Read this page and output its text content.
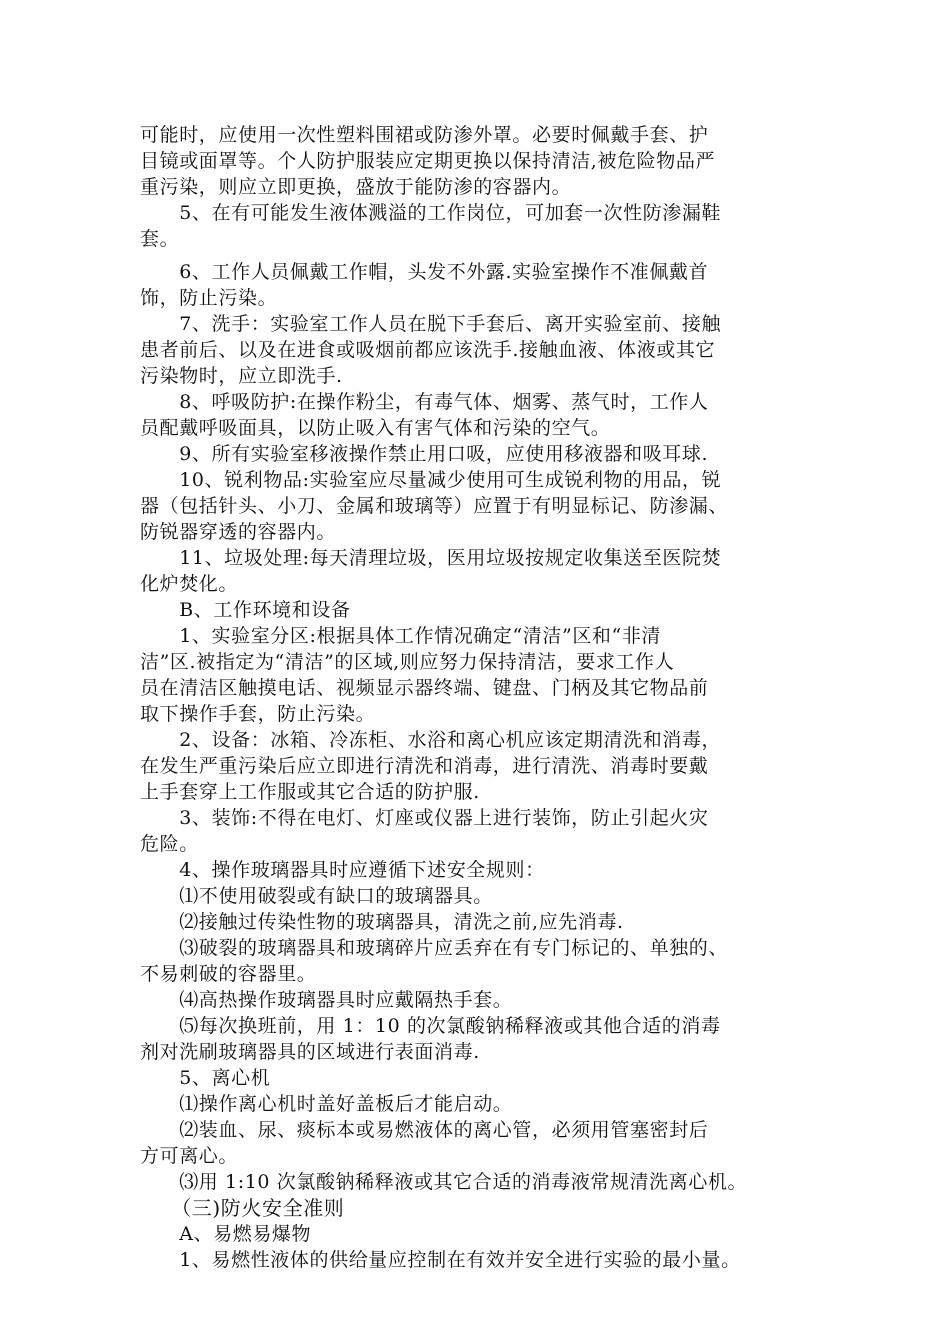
可能时，应使用一次性塑料围裙或防渗外罩。必要时佩戴手套、护
目镜或面罩等。个人防护服装应定期更换以保持清洁,被危险物品严
重污染，则应立即更换，盛放于能防渗的容器内。
　　5、在有可能发生液体溅溢的工作岗位，可加套一次性防渗漏鞋
套。
　　6、工作人员佩戴工作帽，头发不外露.实验室操作不准佩戴首
饰，防止污染。
　　7、洗手：实验室工作人员在脱下手套后、离开实验室前、接触
患者前后、以及在进食或吸烟前都应该洗手.接触血液、体液或其它
污染物时，应立即洗手.
　　8、呼吸防护:在操作粉尘，有毒气体、烟雾、蒸气时，工作人
员配戴呼吸面具，以防止吸入有害气体和污染的空气。
　　9、所有实验室移液操作禁止用口吸，应使用移液器和吸耳球.
　　10、锐利物品:实验室应尽量减少使用可生成锐利物的用品，锐
器（包括针头、小刀、金属和玻璃等）应置于有明显标记、防渗漏、
防锐器穿透的容器内。
　　11、垃圾处理:每天清理垃圾，医用垃圾按规定收集送至医院焚
化炉焚化。
　　B、工作环境和设备
　　1、实验室分区:根据具体工作情况确定“清洁”区和“非清
洁”区.被指定为“清洁”的区域,则应努力保持清洁，要求工作人
员在清洁区触摸电话、视频显示器终端、键盘、门柄及其它物品前
取下操作手套，防止污染。
　　2、设备：冰箱、冷冻柜、水浴和离心机应该定期清洗和消毒，
在发生严重污染后应立即进行清洗和消毒，进行清洗、消毒时要戴
上手套穿上工作服或其它合适的防护服.
　　3、装饰:不得在电灯、灯座或仪器上进行装饰，防止引起火灾
危险。
　　4、操作玻璃器具时应遵循下述安全规则：
　　⑴不使用破裂或有缺口的玻璃器具。
　　⑵接触过传染性物的玻璃器具，清洗之前,应先消毒.
　　⑶破裂的玻璃器具和玻璃碎片应丢弃在有专门标记的、单独的、
不易刺破的容器里。
　　⑷高热操作玻璃器具时应戴隔热手套。
　　⑸每次换班前，用 1：10 的次氯酸钠稀释液或其他合适的消毒
剂对洗刷玻璃器具的区域进行表面消毒.
　　5、离心机
　　⑴操作离心机时盖好盖板后才能启动。
　　⑵装血、尿、痰标本或易燃液体的离心管，必须用管塞密封后
方可离心。
　　⑶用 1:10 次氯酸钠稀释液或其它合适的消毒液常规清洗离心机。
　　（三)防火安全准则
　　A、易燃易爆物
　　1、易燃性液体的供给量应控制在有效并安全进行实验的最小量。
